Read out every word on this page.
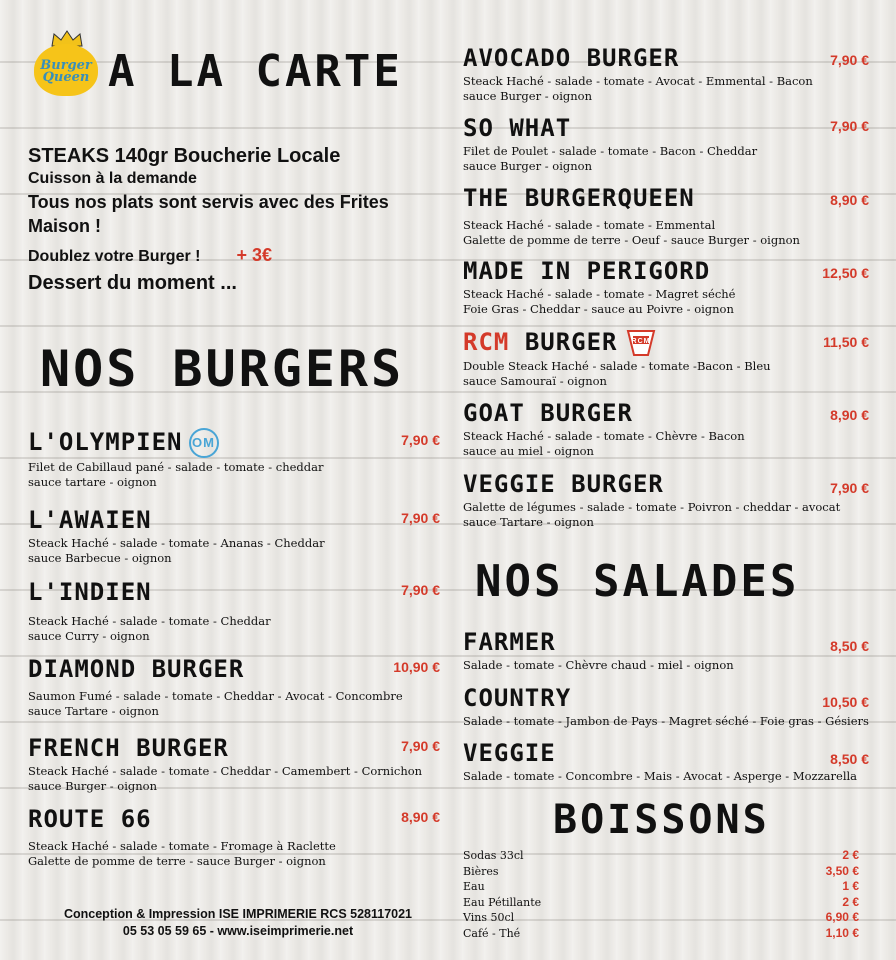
Burger Queen A LA CARTE
STEAKS 140gr Boucherie Locale
Cuisson à la demande
Tous nos plats sont servis avec des Frites Maison !
Doublez votre Burger ! + 3€
Dessert du moment ...
NOS BURGERS
L'OLYMPIEN OM	7,90 €
Filet de Cabillaud pané - salade - tomate - cheddar
sauce tartare - oignon
L'AWAIEN	7,90 €
Steack Haché - salade - tomate - Ananas - Cheddar
sauce Barbecue - oignon
L'INDIEN	7,90 €
Steack Haché - salade - tomate - Cheddar
sauce Curry - oignon
DIAMOND BURGER	10,90 €
Saumon Fumé - salade - tomate - Cheddar - Avocat - Concombre
sauce Tartare - oignon
FRENCH BURGER	7,90 €
Steack Haché - salade - tomate - Cheddar - Camembert - Cornichon
sauce Burger - oignon
ROUTE 66	8,90 €
Steack Haché - salade - tomate - Fromage à Raclette
Galette de pomme de terre - sauce Burger - oignon
AVOCADO BURGER	7,90 €
Steack Haché - salade - tomate - Avocat - Emmental - Bacon
sauce Burger - oignon
SO WHAT	7,90 €
Filet de Poulet - salade - tomate - Bacon - Cheddar
sauce Burger - oignon
THE BURGERQUEEN	8,90 €
Steack Haché - salade - tomate - Emmental
Galette de pomme de terre - Oeuf - sauce Burger - oignon
MADE IN PERIGORD	12,50 €
Steack Haché - salade - tomate - Magret séché
Foie Gras - Cheddar - sauce au Poivre - oignon
RCM BURGER RCM	11,50 €
Double Steack Haché - salade - tomate -Bacon - Bleu
sauce Samouraï - oignon
GOAT BURGER	8,90 €
Steack Haché - salade - tomate - Chèvre - Bacon
sauce au miel - oignon
VEGGIE BURGER	7,90 €
Galette de légumes - salade - tomate - Poivron - cheddar - avocat
sauce Tartare - oignon
FARMER	8,50 €
Salade - tomate - Chèvre chaud - miel - oignon
COUNTRY	10,50 €
Salade - tomate - Jambon de Pays - Magret séché - Foie gras - Gésiers
VEGGIE	8,50 €
Salade - tomate - Concombre - Mais - Avocat - Asperge - Mozzarella
NOS SALADES
BOISSONS
Sodas 33cl	2 €
Bières	3,50 €
Eau	1 €
Eau Pétillante	2 €
Vins 50cl	6,90 €
Café - Thé	1,10 €
Conception & Impression ISE IMPRIMERIE RCS 528117021
05 53 05 59 65 - www.iseimprimerie.net
